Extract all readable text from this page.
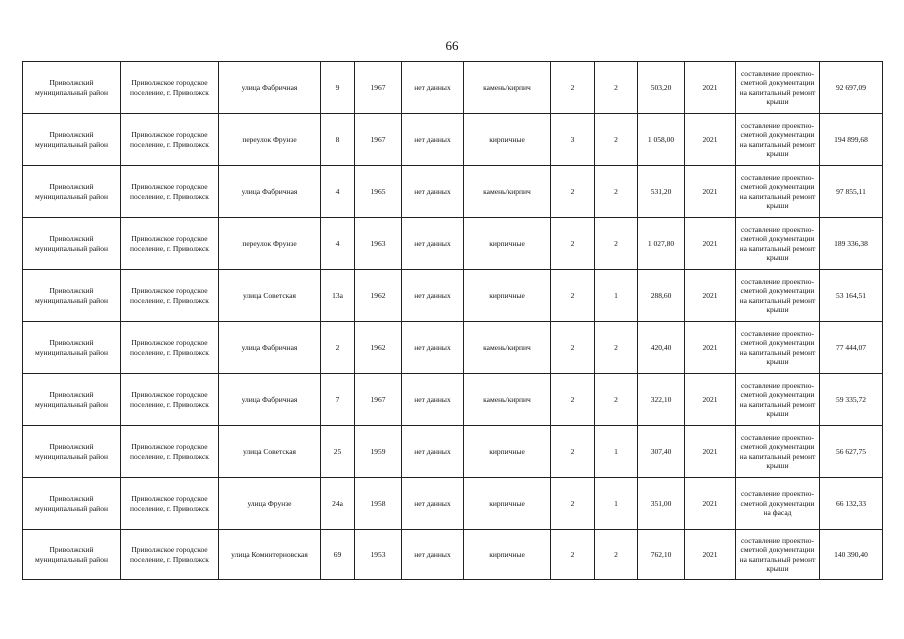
66
Приволжский муниципальный район	Приволжское городское поселение, г. Приволжск	улица Фабричная	9	1967	нет данных	камень/кирпич	2	2	503,20	2021	составление проектно-сметной документации на капитальный ремонт крыши	92 697,09
Приволжский муниципальный район	Приволжское городское поселение, г. Приволжск	переулок Фрунзе	8	1967	нет данных	кирпичные	3	2	1 058,00	2021	составление проектно-сметной документации на капитальный ремонт крыши	194 899,68
Приволжский муниципальный район	Приволжское городское поселение, г. Приволжск	улица Фабричная	4	1965	нет данных	камень/кирпич	2	2	531,20	2021	составление проектно-сметной документации на капитальный ремонт крыши	97 855,11
Приволжский муниципальный район	Приволжское городское поселение, г. Приволжск	переулок Фрунзе	4	1963	нет данных	кирпичные	2	2	1 027,80	2021	составление проектно-сметной документации на капитальный ремонт крыши	189 336,38
Приволжский муниципальный район	Приволжское городское поселение, г. Приволжск	улица Советская	13а	1962	нет данных	кирпичные	2	1	288,60	2021	составление проектно-сметной документации на капитальный ремонт крыши	53 164,51
Приволжский муниципальный район	Приволжское городское поселение, г. Приволжск	улица Фабричная	2	1962	нет данных	камень/кирпич	2	2	420,40	2021	составление проектно-сметной документации на капитальный ремонт крыши	77 444,07
Приволжский муниципальный район	Приволжское городское поселение, г. Приволжск	улица Фабричная	7	1967	нет данных	камень/кирпич	2	2	322,10	2021	составление проектно-сметной документации на капитальный ремонт крыши	59 335,72
Приволжский муниципальный район	Приволжское городское поселение, г. Приволжск	улица Советская	25	1959	нет данных	кирпичные	2	1	307,40	2021	составление проектно-сметной документации на капитальный ремонт крыши	56 627,75
Приволжский муниципальный район	Приволжское городское поселение, г. Приволжск	улица Фрунзе	24а	1958	нет данных	кирпичные	2	1	351,00	2021	составление проектно-сметной документации на фасад	66 132,33
Приволжский муниципальный район	Приволжское городское поселение, г. Приволжск	улица Коминтерновская	69	1953	нет данных	кирпичные	2	2	762,10	2021	составление проектно-сметной документации на капитальный ремонт крыши	140 390,40
